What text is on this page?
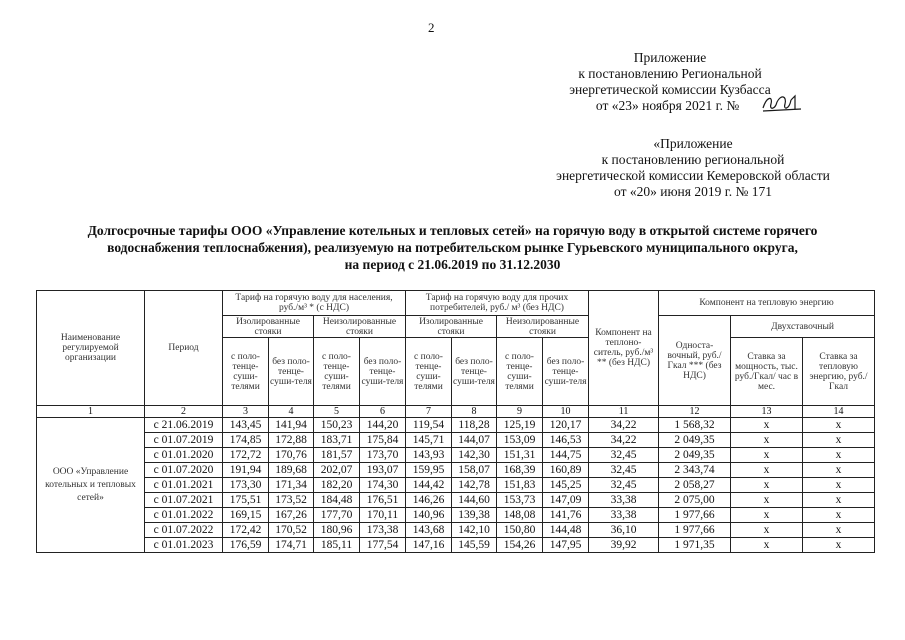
2
Приложение
к постановлению Региональной
энергетической комиссии Кузбасса
от «23» ноября 2021 г. №
«Приложение
к постановлению региональной
энергетической комиссии Кемеровской области
от «20» июня 2019 г. № 171
Долгосрочные тарифы ООО «Управление котельных и тепловых сетей» на горячую воду в открытой системе горячего
водоснабжения теплоснабжения), реализуемую на потребительском рынке Гурьевского муниципального округа,
на период с 21.06.2019 по 31.12.2030
Наименование регулируемой организации	Период	Тариф на горячую воду для населения, руб./м³ * (с НДС)				Тариф на горячую воду для прочих потребителей, руб./ м³ (без НДС)				Компонент на теплоно-ситель, руб./м³ ** (без НДС)	Компонент на тепловую энергию		
		Изолированные стояки		Неизолированные стояки		Изолированные стояки		Неизолированные стояки			Односта-вочный, руб./Гкал *** (без НДС)	Двухставочный	
		с поло-тенце-суши-телями	без поло-тенце-суши-теля	с поло-тенце-суши-телями	без поло-тенце-суши-теля	с поло-тенце-суши-телями	без поло-тенце-суши-теля	с поло-тенце-суши-телями	без поло-тенце-суши-теля			Ставка за мощность, тыс. руб./Гкал/ час в мес.	Ставка за тепловую энергию, руб./Гкал
1	2	3	4	5	6	7	8	9	10	11	12	13	14
ООО «Управление котельных и тепловых сетей»	с 21.06.2019	143,45	141,94	150,23	144,20	119,54	118,28	125,19	120,17	34,22	1 568,32	x	x
	с 01.07.2019	174,85	172,88	183,71	175,84	145,71	144,07	153,09	146,53	34,22	2 049,35	x	x
	с 01.01.2020	172,72	170,76	181,57	173,70	143,93	142,30	151,31	144,75	32,45	2 049,35	x	x
	с 01.07.2020	191,94	189,68	202,07	193,07	159,95	158,07	168,39	160,89	32,45	2 343,74	x	x
	с 01.01.2021	173,30	171,34	182,20	174,30	144,42	142,78	151,83	145,25	32,45	2 058,27	x	x
	с 01.07.2021	175,51	173,52	184,48	176,51	146,26	144,60	153,73	147,09	33,38	2 075,00	x	x
	с 01.01.2022	169,15	167,26	177,70	170,11	140,96	139,38	148,08	141,76	33,38	1 977,66	x	x
	с 01.07.2022	172,42	170,52	180,96	173,38	143,68	142,10	150,80	144,48	36,10	1 977,66	x	x
	с 01.01.2023	176,59	174,71	185,11	177,54	147,16	145,59	154,26	147,95	39,92	1 971,35	x	x
